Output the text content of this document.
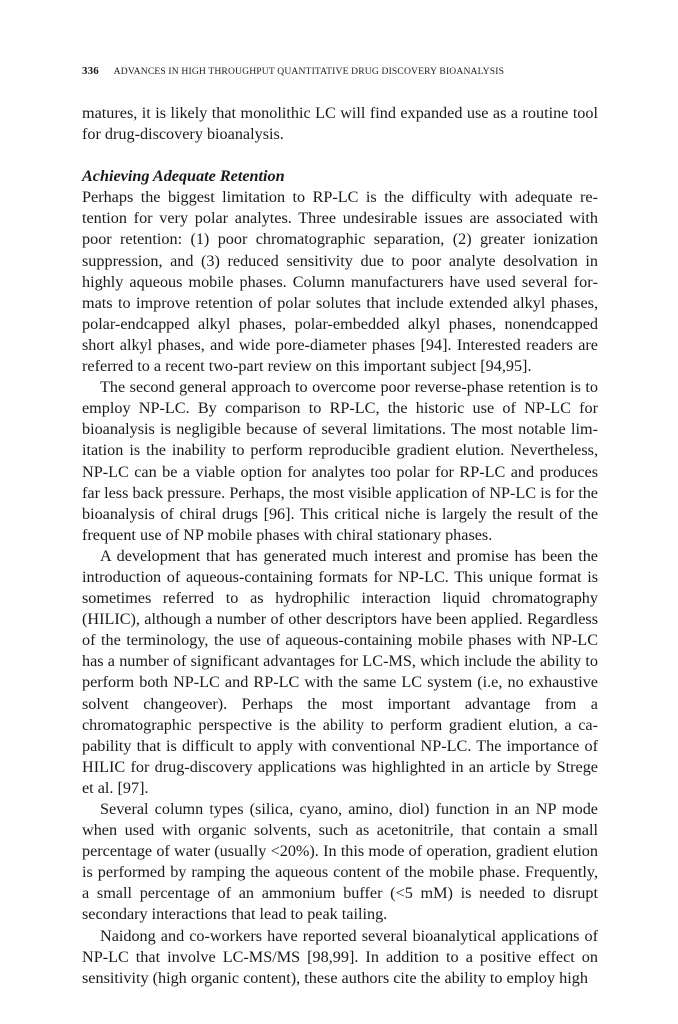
336 ADVANCES IN HIGH THROUGHPUT QUANTITATIVE DRUG DISCOVERY BIOANALYSIS

matures, it is likely that monolithic LC will find expanded use as a routine tool for drug-discovery bioanalysis.

Achieving Adequate Retention

Perhaps the biggest limitation to RP-LC is the difficulty with adequate retention for very polar analytes. Three undesirable issues are associated with poor retention: (1) poor chromatographic separation, (2) greater ionization suppression, and (3) reduced sensitivity due to poor analyte desolvation in highly aqueous mobile phases. Column manufacturers have used several formats to improve retention of polar solutes that include extended alkyl phases, polar-endcapped alkyl phases, polar-embedded alkyl phases, nonendcapped short alkyl phases, and wide pore-diameter phases [94]. Interested readers are referred to a recent two-part review on this important subject [94,95].

The second general approach to overcome poor reverse-phase retention is to employ NP-LC. By comparison to RP-LC, the historic use of NP-LC for bioanalysis is negligible because of several limitations. The most notable limitation is the inability to perform reproducible gradient elution. Nevertheless, NP-LC can be a viable option for analytes too polar for RP-LC and produces far less back pressure. Perhaps, the most visible application of NP-LC is for the bioanalysis of chiral drugs [96]. This critical niche is largely the result of the frequent use of NP mobile phases with chiral stationary phases.

A development that has generated much interest and promise has been the introduction of aqueous-containing formats for NP-LC. This unique format is sometimes referred to as hydrophilic interaction liquid chromatography (HILIC), although a number of other descriptors have been applied. Regardless of the terminology, the use of aqueous-containing mobile phases with NP-LC has a number of significant advantages for LC-MS, which include the ability to perform both NP-LC and RP-LC with the same LC system (i.e, no exhaustive solvent changeover). Perhaps the most important advantage from a chromatographic perspective is the ability to perform gradient elution, a capability that is difficult to apply with conventional NP-LC. The importance of HILIC for drug-discovery applications was highlighted in an article by Strege et al. [97].

Several column types (silica, cyano, amino, diol) function in an NP mode when used with organic solvents, such as acetonitrile, that contain a small percentage of water (usually <20%). In this mode of operation, gradient elution is performed by ramping the aqueous content of the mobile phase. Frequently, a small percentage of an ammonium buffer (<5 mM) is needed to disrupt secondary interactions that lead to peak tailing.

Naidong and co-workers have reported several bioanalytical applications of NP-LC that involve LC-MS/MS [98,99]. In addition to a positive effect on sensitivity (high organic content), these authors cite the ability to employ high
